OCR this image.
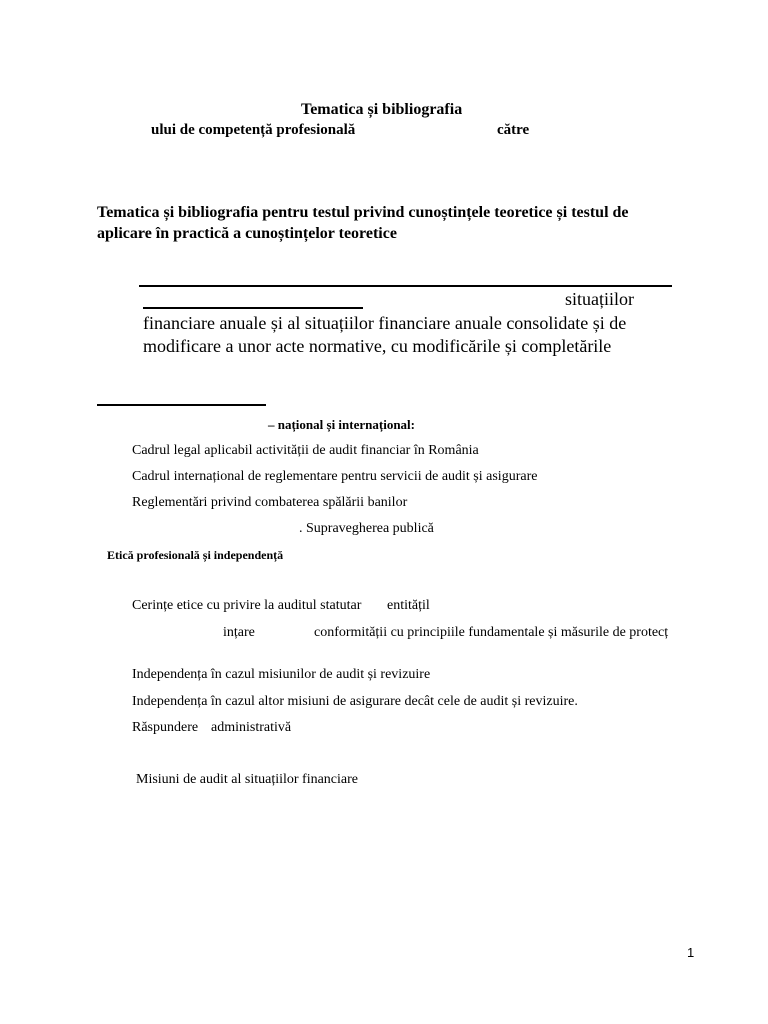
Tematica și bibliografia
ului de competență profesională	către
Tematica și bibliografia pentru testul privind cunoștințele teoretice și testul de
aplicare în practică a cunoștințelor teoretice
situațiilor
financiare anuale și al situațiilor financiare anuale consolidate și de
modificare a unor acte normative, cu modificările și completările
– național și internațional:
Cadrul legal aplicabil activității de audit financiar în România
Cadrul internațional de reglementare pentru servicii de audit și asigurare
Reglementări privind combaterea spălării banilor
. Supravegherea publică
Etică profesională și independență
Cerințe etice cu privire la auditul statutar entitățil
ințare	conformității cu principiile fundamentale și măsurile de protecț
Independența în cazul misiunilor de audit și revizuire
Independența în cazul altor misiuni de asigurare decât cele de audit și revizuire.
Răspundere administrativă
Misiuni de audit al situațiilor financiare
1
